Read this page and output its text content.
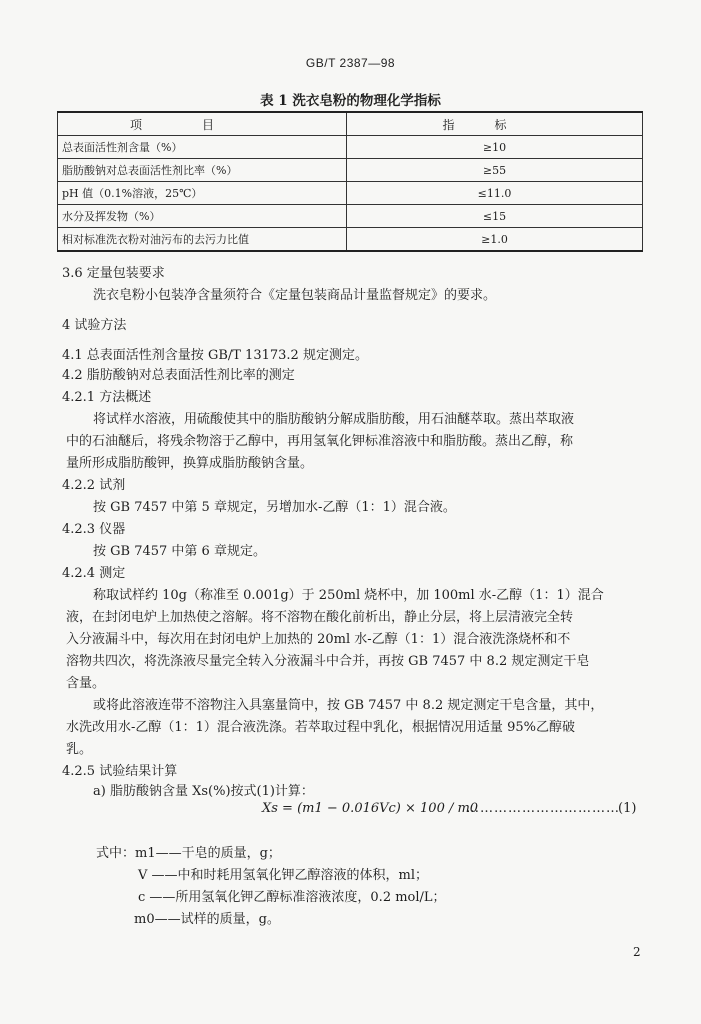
GB/T 2387—98
表 1 洗衣皂粉的物理化学指标
项目	指标
总表面活性剂含量（%）	≥10
脂肪酸钠对总表面活性剂比率（%）	≥55
pH 值（0.1%溶液，25℃）	≤11.0
水分及挥发物（%）	≤15
相对标准洗衣粉对油污布的去污力比值	≥1.0
3.6 定量包装要求
洗衣皂粉小包装净含量须符合《定量包装商品计量监督规定》的要求。
4 试验方法
4.1 总表面活性剂含量按 GB/T 13173.2 规定测定。
4.2 脂肪酸钠对总表面活性剂比率的测定
4.2.1 方法概述
将试样水溶液，用硫酸使其中的脂肪酸钠分解成脂肪酸，用石油醚萃取。蒸出萃取液
中的石油醚后，将残余物溶于乙醇中，再用氢氧化钾标准溶液中和脂肪酸。蒸出乙醇，称
量所形成脂肪酸钾，换算成脂肪酸钠含量。
4.2.2 试剂
按 GB 7457 中第 5 章规定，另增加水-乙醇（1：1）混合液。
4.2.3 仪器
按 GB 7457 中第 6 章规定。
4.2.4 测定
称取试样约 10g（称准至 0.001g）于 250ml 烧杯中，加 100ml 水-乙醇（1：1）混合
液，在封闭电炉上加热使之溶解。将不溶物在酸化前析出，静止分层，将上层清液完全转
入分液漏斗中，每次用在封闭电炉上加热的 20ml 水-乙醇（1：1）混合液洗涤烧杯和不
溶物共四次，将洗涤液尽量完全转入分液漏斗中合并，再按 GB 7457 中 8.2 规定测定干皂
含量。
或将此溶液连带不溶物注入具塞量筒中，按 GB 7457 中 8.2 规定测定干皂含量，其中，
水洗改用水-乙醇（1：1）混合液洗涤。若萃取过程中乳化，根据情况用适量 95%乙醇破
乳。
4.2.5 试验结果计算
a) 脂肪酸钠含量 Xs(%)按式(1)计算：
Xs = (m1 − 0.016Vc) × 100 / m0
……………………………
(1)
式中：m1——干皂的质量，g；
V ——中和时耗用氢氧化钾乙醇溶液的体积，ml；
c ——所用氢氧化钾乙醇标准溶液浓度，0.2 mol/L；
m0——试样的质量，g。
2
